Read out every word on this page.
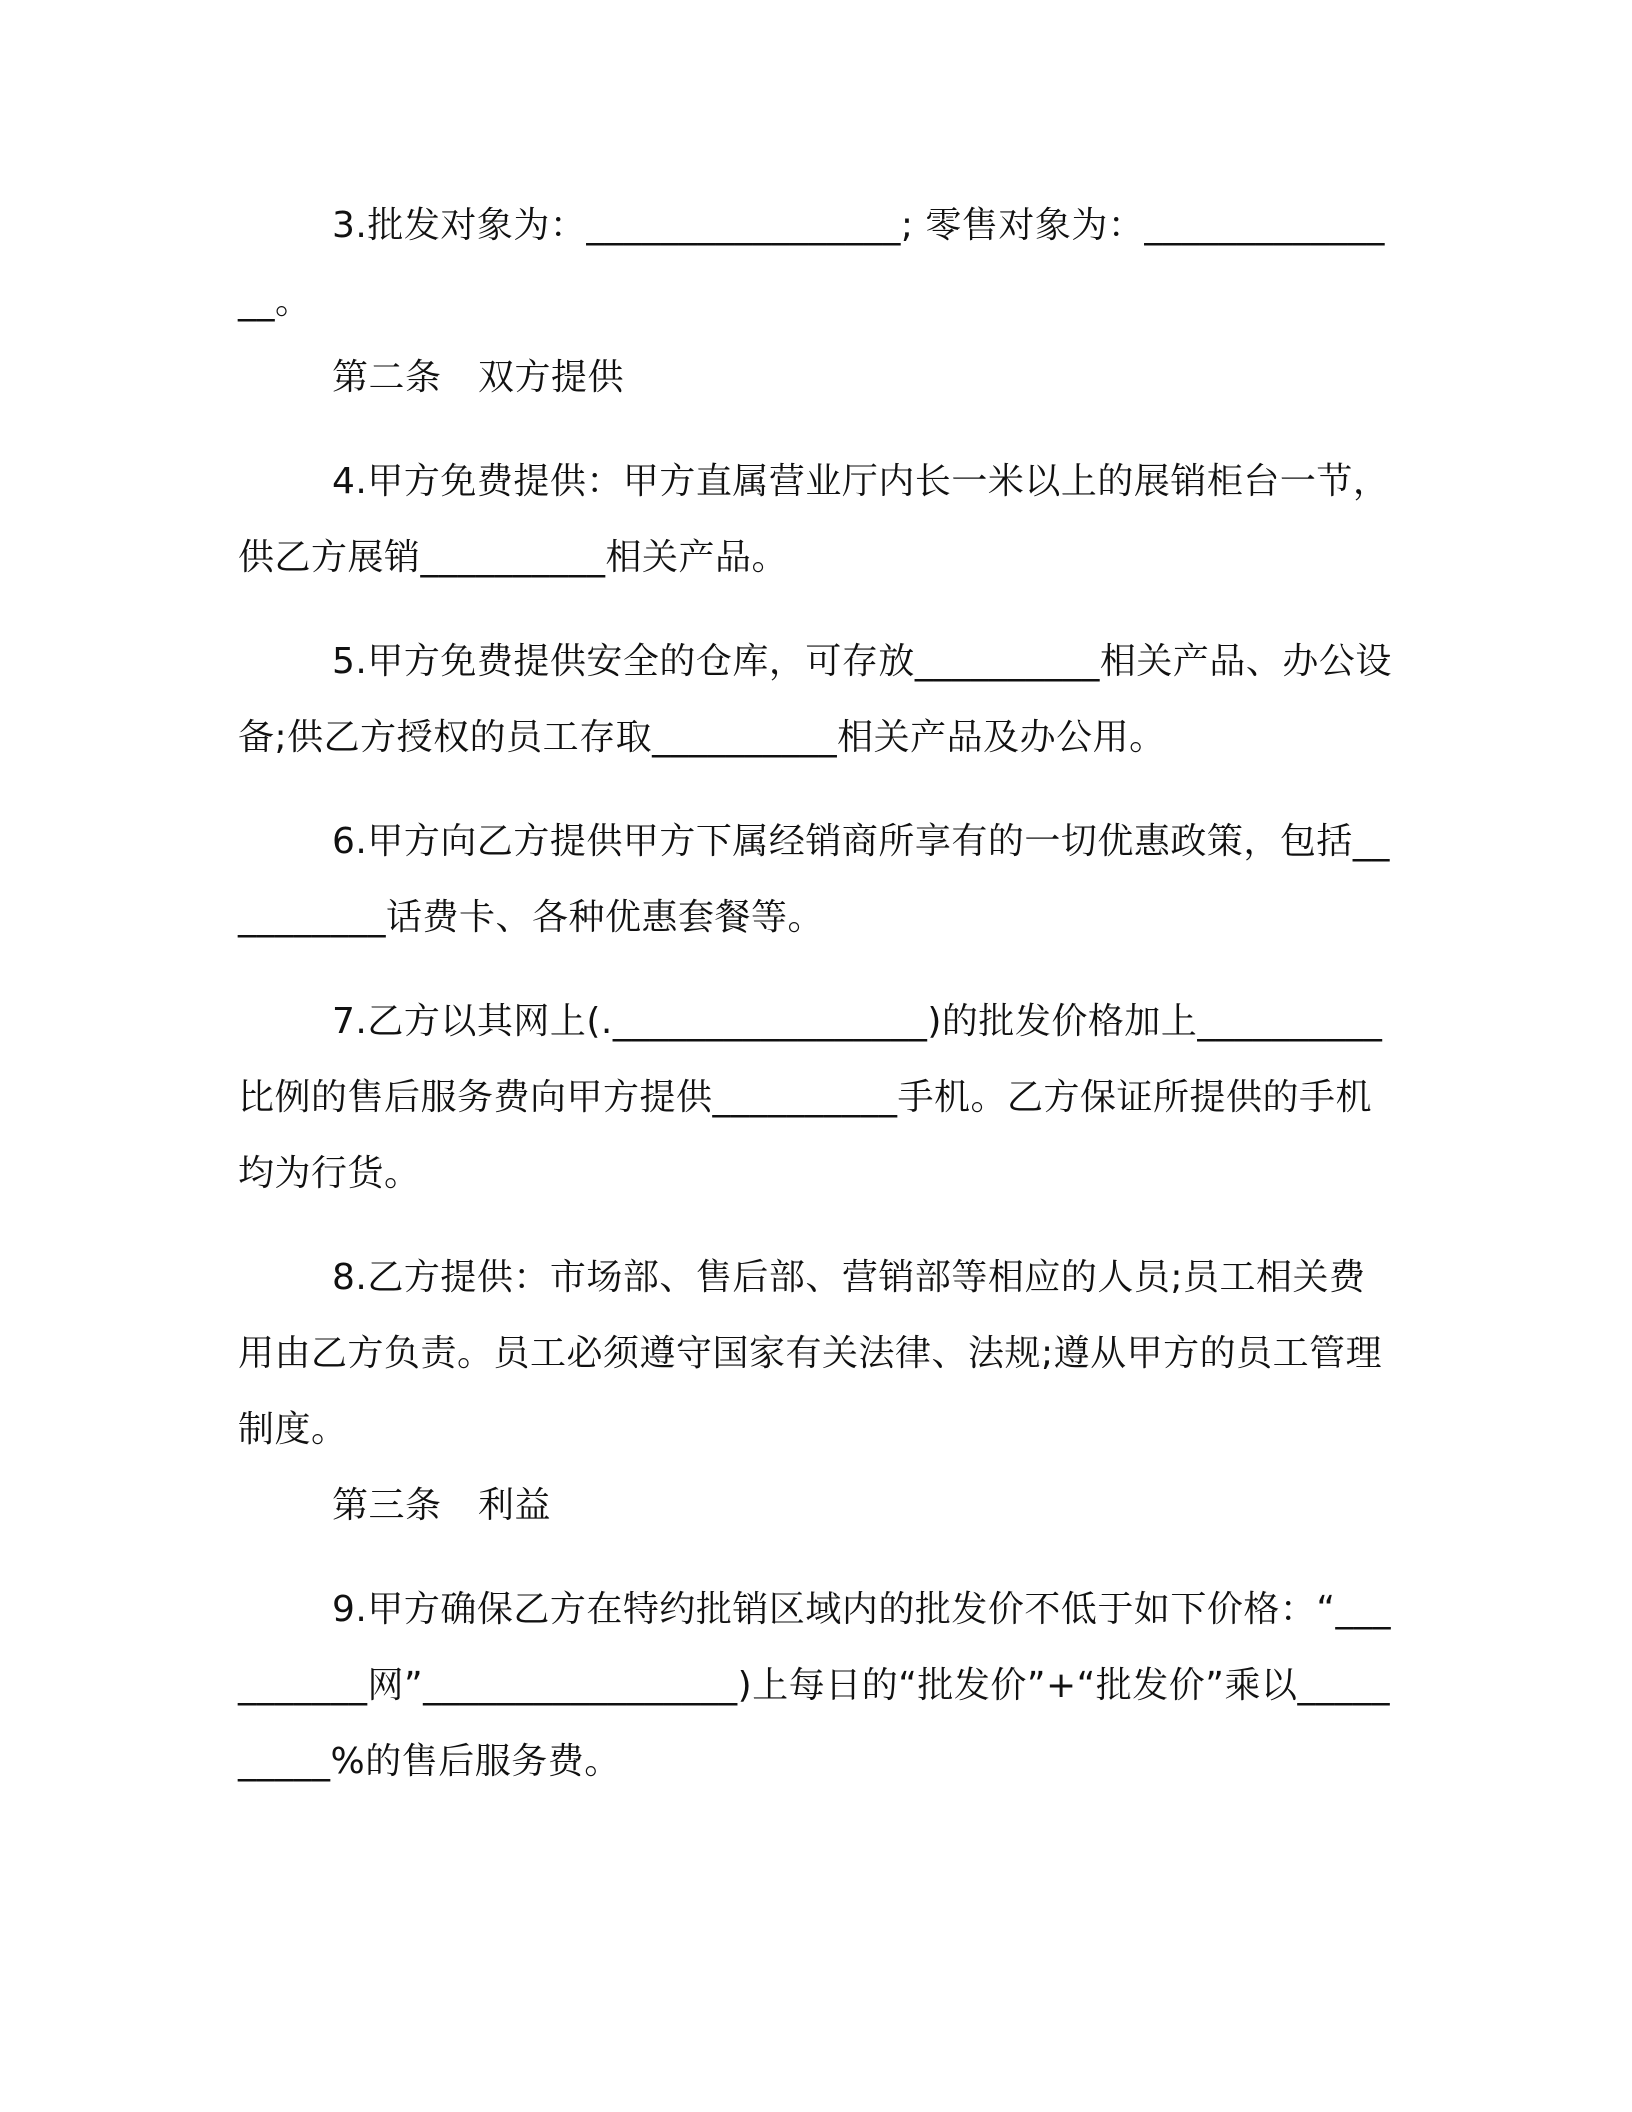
3.批发对象为：_________________; 零售对象为：_______________。

第二条　双方提供

4.甲方免费提供：甲方直属营业厅内长一米以上的展销柜台一节，供乙方展销__________相关产品。

5.甲方免费提供安全的仓库，可存放__________相关产品、办公设备;供乙方授权的员工存取__________相关产品及办公用。

6.甲方向乙方提供甲方下属经销商所享有的一切优惠政策，包括__________话费卡、各种优惠套餐等。

7.乙方以其网上(._________________)的批发价格加上__________比例的售后服务费向甲方提供__________手机。乙方保证所提供的手机均为行货。

8.乙方提供：市场部、售后部、营销部等相应的人员;员工相关费用由乙方负责。员工必须遵守国家有关法律、法规;遵从甲方的员工管理制度。

第三条　利益

9.甲方确保乙方在特约批销区域内的批发价不低于如下价格：“__________网”_________________)上每日的“批发价”+“批发价”乘以__________%的售后服务费。
